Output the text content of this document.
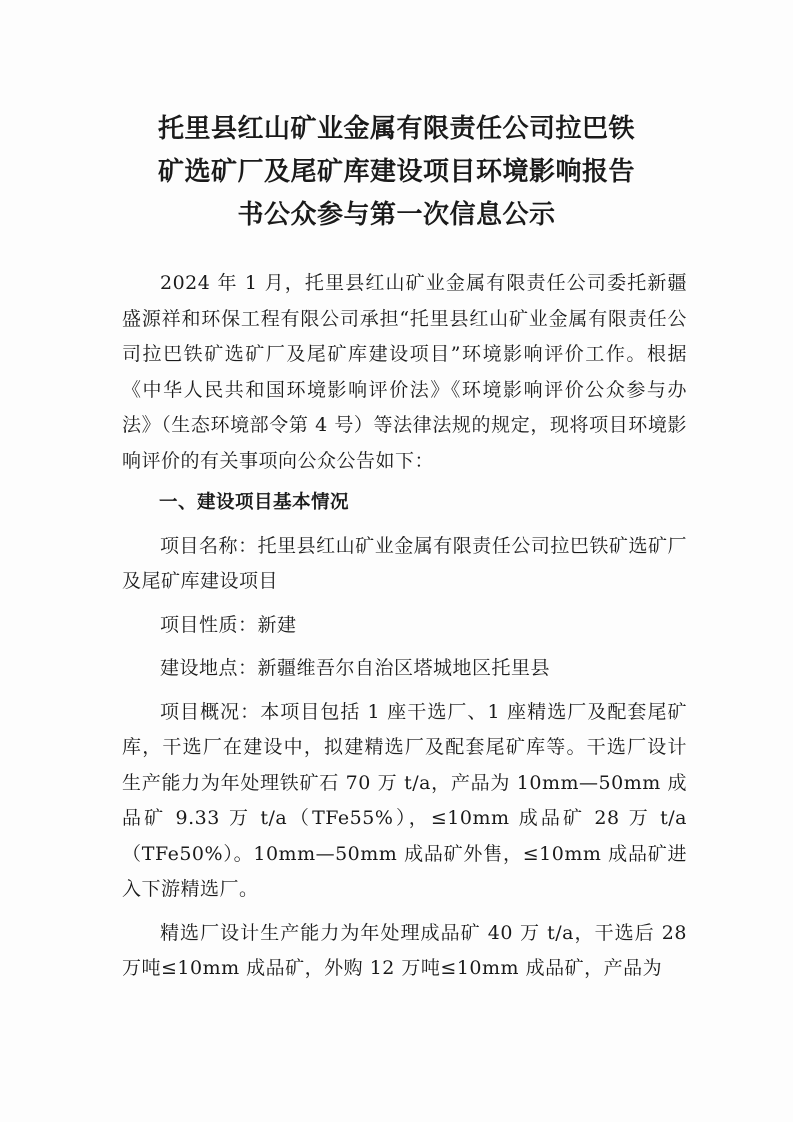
托里县红山矿业金属有限责任公司拉巴铁
矿选矿厂及尾矿库建设项目环境影响报告
书公众参与第一次信息公示

2024 年 1 月，托里县红山矿业金属有限责任公司委托新疆盛源祥和环保工程有限公司承担“托里县红山矿业金属有限责任公司拉巴铁矿选矿厂及尾矿库建设项目”环境影响评价工作。根据《中华人民共和国环境影响评价法》《环境影响评价公众参与办法》（生态环境部令第 4 号）等法律法规的规定，现将项目环境影响评价的有关事项向公众公告如下：

一、建设项目基本情况

项目名称：托里县红山矿业金属有限责任公司拉巴铁矿选矿厂及尾矿库建设项目

项目性质：新建

建设地点：新疆维吾尔自治区塔城地区托里县

项目概况：本项目包括 1 座干选厂、1 座精选厂及配套尾矿库，干选厂在建设中，拟建精选厂及配套尾矿库等。干选厂设计生产能力为年处理铁矿石 70 万 t/a，产品为 10mm—50mm 成品矿 9.33 万 t/a（TFe55%），≤10mm 成品矿 28 万 t/a（TFe50%）。10mm—50mm 成品矿外售，≤10mm 成品矿进入下游精选厂。

精选厂设计生产能力为年处理成品矿 40 万 t/a，干选后 28 万吨≤10mm 成品矿，外购 12 万吨≤10mm 成品矿，产品为
